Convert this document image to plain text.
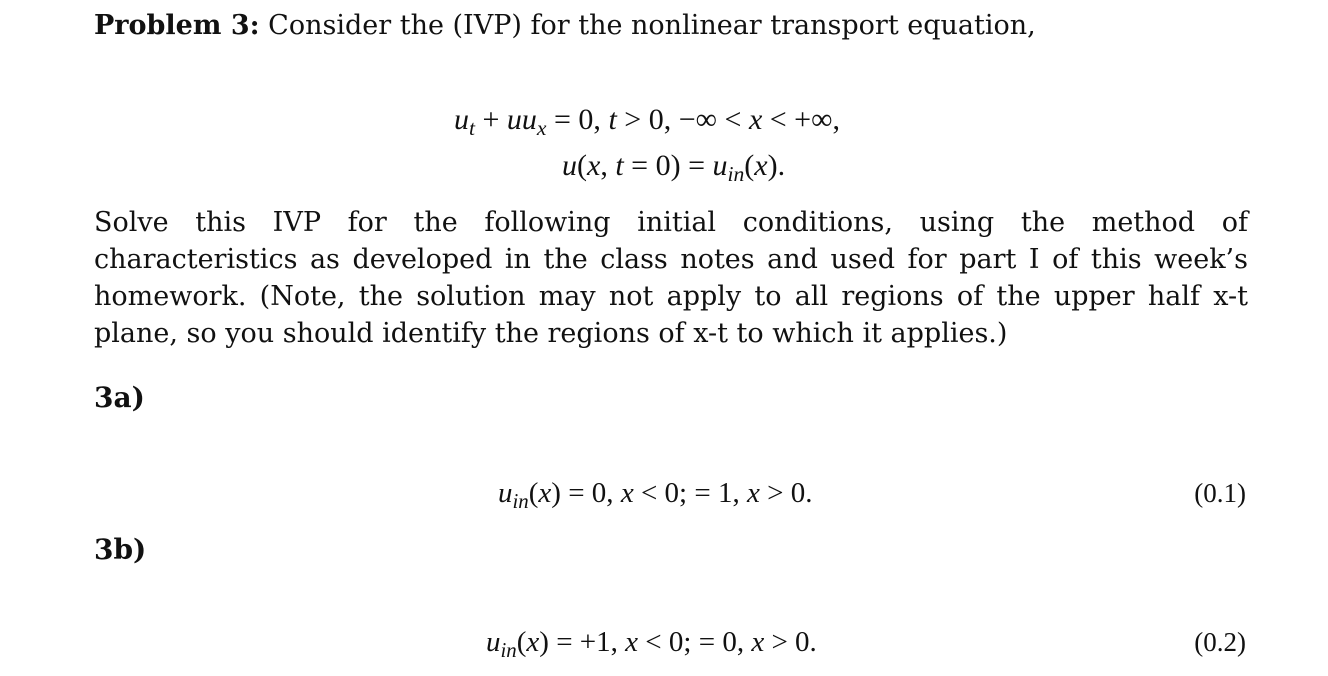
Problem 3: Consider the (IVP) for the nonlinear transport equation,
$u_t + uu_x = 0$, t > 0, −∞ < x < +∞,
u(x, $t = 0) = u_{in}(x)$.
Solve this IVP for the following initial conditions, using the method of characteristics as developed in the class notes and used for part I of this week’s homework. (Note, the solution may not apply to all regions of the upper half x-t plane, so you should identify the regions of x-t to which it applies.)
3a)
$u_{in}(x) = 0$, x < 0; = 1, x > 0.	(0.1)
3b)
$u_{in}(x) = +1$, x < 0; = 0, x > 0.	(0.2)
